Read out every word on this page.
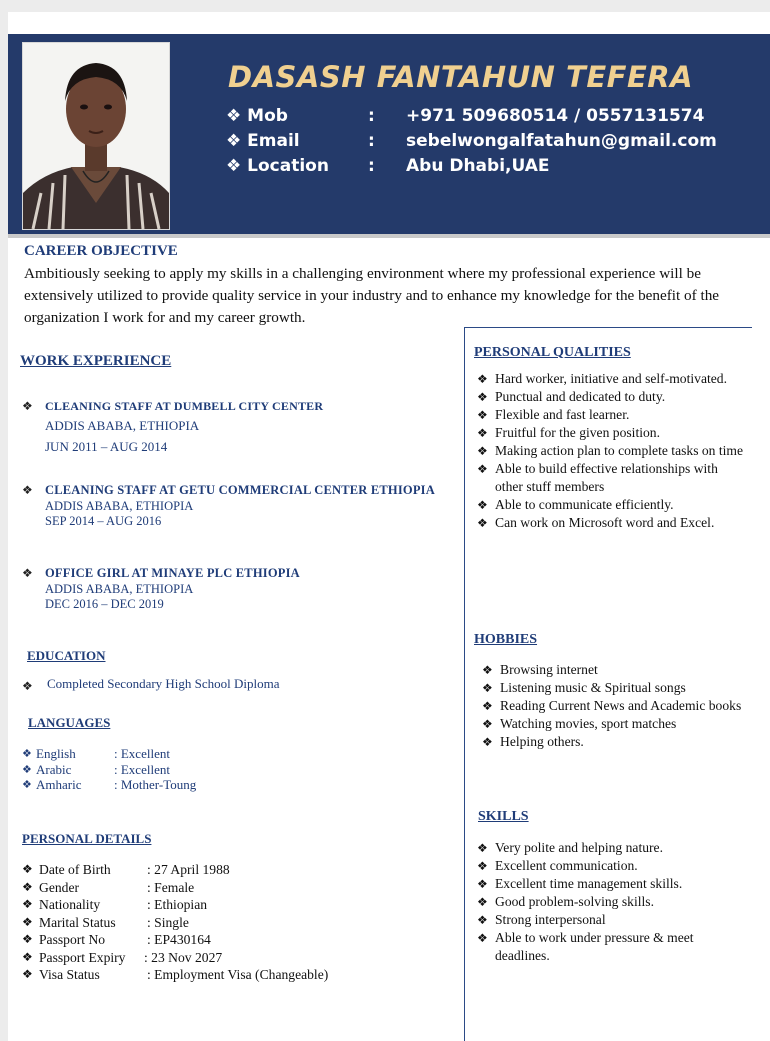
DASASH FANTAHUN TEFERA
❖ Mob	: +971 509680514 / 0557131574
❖ Email	: sebelwongalfatahun@gmail.com
❖ Location : Abu Dhabi,UAE
CAREER OBJECTIVE
Ambitiously seeking to apply my skills in a challenging environment where my professional experience will be extensively utilized to provide quality service in your industry and to enhance my knowledge for the benefit of the organization I work for and my career growth.
WORK EXPERIENCE
❖ CLEANING STAFF AT DUMBELL CITY CENTER
ADDIS ABABA, ETHIOPIA
JUN 2011 – AUG 2014
❖ CLEANING STAFF AT GETU COMMERCIAL CENTER ETHIOPIA
ADDIS ABABA, ETHIOPIA
SEP 2014 – AUG 2016
❖ OFFICE GIRL AT MINAYE PLC ETHIOPIA
ADDIS ABABA, ETHIOPIA
DEC 2016 – DEC 2019
EDUCATION
❖ Completed Secondary High School Diploma
LANGUAGES
❖ English	: Excellent
❖ Arabic	: Excellent
❖ Amharic	: Mother-Toung
PERSONAL DETAILS
❖ Date of Birth	: 27 April 1988
❖ Gender	: Female
❖ Nationality	: Ethiopian
❖ Marital Status : Single
❖ Passport No	: EP430164
❖ Passport Expiry : 23 Nov 2027
❖ Visa Status	: Employment Visa (Changeable)
PERSONAL QUALITIES
❖ Hard worker, initiative and self-motivated.
❖ Punctual and dedicated to duty.
❖ Flexible and fast learner.
❖ Fruitful for the given position.
❖ Making action plan to complete tasks on time
❖ Able to build effective relationships with other stuff members
❖ Able to communicate efficiently.
❖ Can work on Microsoft word and Excel.
HOBBIES
❖ Browsing internet
❖ Listening music & Spiritual songs
❖ Reading Current News and Academic books
❖ Watching movies, sport matches
❖ Helping others.
SKILLS
❖ Very polite and helping nature.
❖ Excellent communication.
❖ Excellent time management skills.
❖ Good problem-solving skills.
❖ Strong interpersonal
❖ Able to work under pressure & meet deadlines.
